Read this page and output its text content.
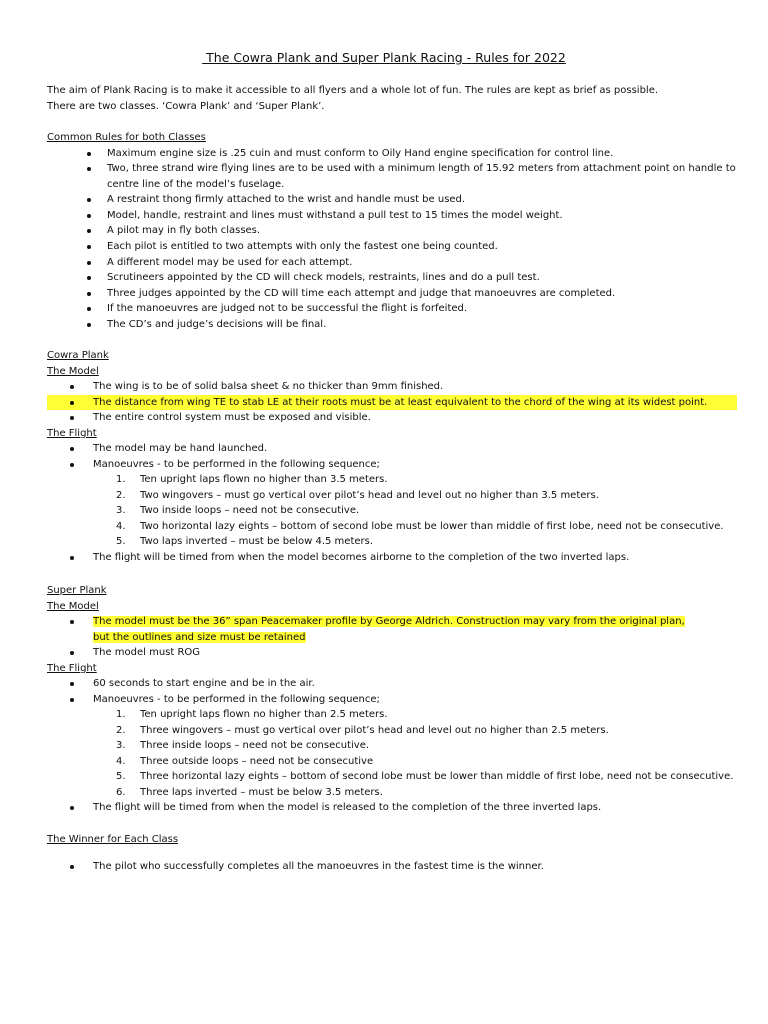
The Cowra Plank and Super Plank Racing - Rules for 2022
The aim of Plank Racing is to make it accessible to all flyers and a whole lot of fun. The rules are kept as brief as possible.
There are two classes. ‘Cowra Plank’ and ‘Super Plank’.
Common Rules for both Classes
Maximum engine size is .25 cuin and must conform to Oily Hand engine specification for control line.
Two, three strand wire flying lines are to be used with a minimum length of 15.92 meters from attachment point on handle to centre line of the model’s fuselage.
A restraint thong firmly attached to the wrist and handle must be used.
Model, handle, restraint and lines must withstand a pull test to 15 times the model weight.
A pilot may in fly both classes.
Each pilot is entitled to two attempts with only the fastest one being counted.
A different model may be used for each attempt.
Scrutineers appointed by the CD will check models, restraints, lines and do a pull test.
Three judges appointed by the CD will time each attempt and judge that manoeuvres are completed.
If the manoeuvres are judged not to be successful the flight is forfeited.
The CD’s and judge’s decisions will be final.
Cowra Plank
The Model
The wing is to be of solid balsa sheet & no thicker than 9mm finished.
The distance from wing TE to stab LE at their roots must be at least equivalent to the chord of the wing at its widest point.
The entire control system must be exposed and visible.
The Flight
The model may be hand launched.
Manoeuvres - to be performed in the following sequence;
1. Ten upright laps flown no higher than 3.5 meters.
2. Two wingovers – must go vertical over pilot’s head and level out no higher than 3.5 meters.
3. Two inside loops – need not be consecutive.
4. Two horizontal lazy eights – bottom of second lobe must be lower than middle of first lobe, need not be consecutive.
5. Two laps inverted – must be below 4.5 meters.
The flight will be timed from when the model becomes airborne to the completion of the two inverted laps.
Super Plank
The Model
The model must be the 36” span Peacemaker profile by George Aldrich. Construction may vary from the original plan, but the outlines and size must be retained
The model must ROG
The Flight
60 seconds to start engine and be in the air.
Manoeuvres - to be performed in the following sequence;
1. Ten upright laps flown no higher than 2.5 meters.
2. Three wingovers – must go vertical over pilot’s head and level out no higher than 2.5 meters.
3. Three inside loops – need not be consecutive.
4. Three outside loops – need not be consecutive
5. Three horizontal lazy eights – bottom of second lobe must be lower than middle of first lobe, need not be consecutive.
6. Three laps inverted – must be below 3.5 meters.
The flight will be timed from when the model is released to the completion of the three inverted laps.
The Winner for Each Class
The pilot who successfully completes all the manoeuvres in the fastest time is the winner.
